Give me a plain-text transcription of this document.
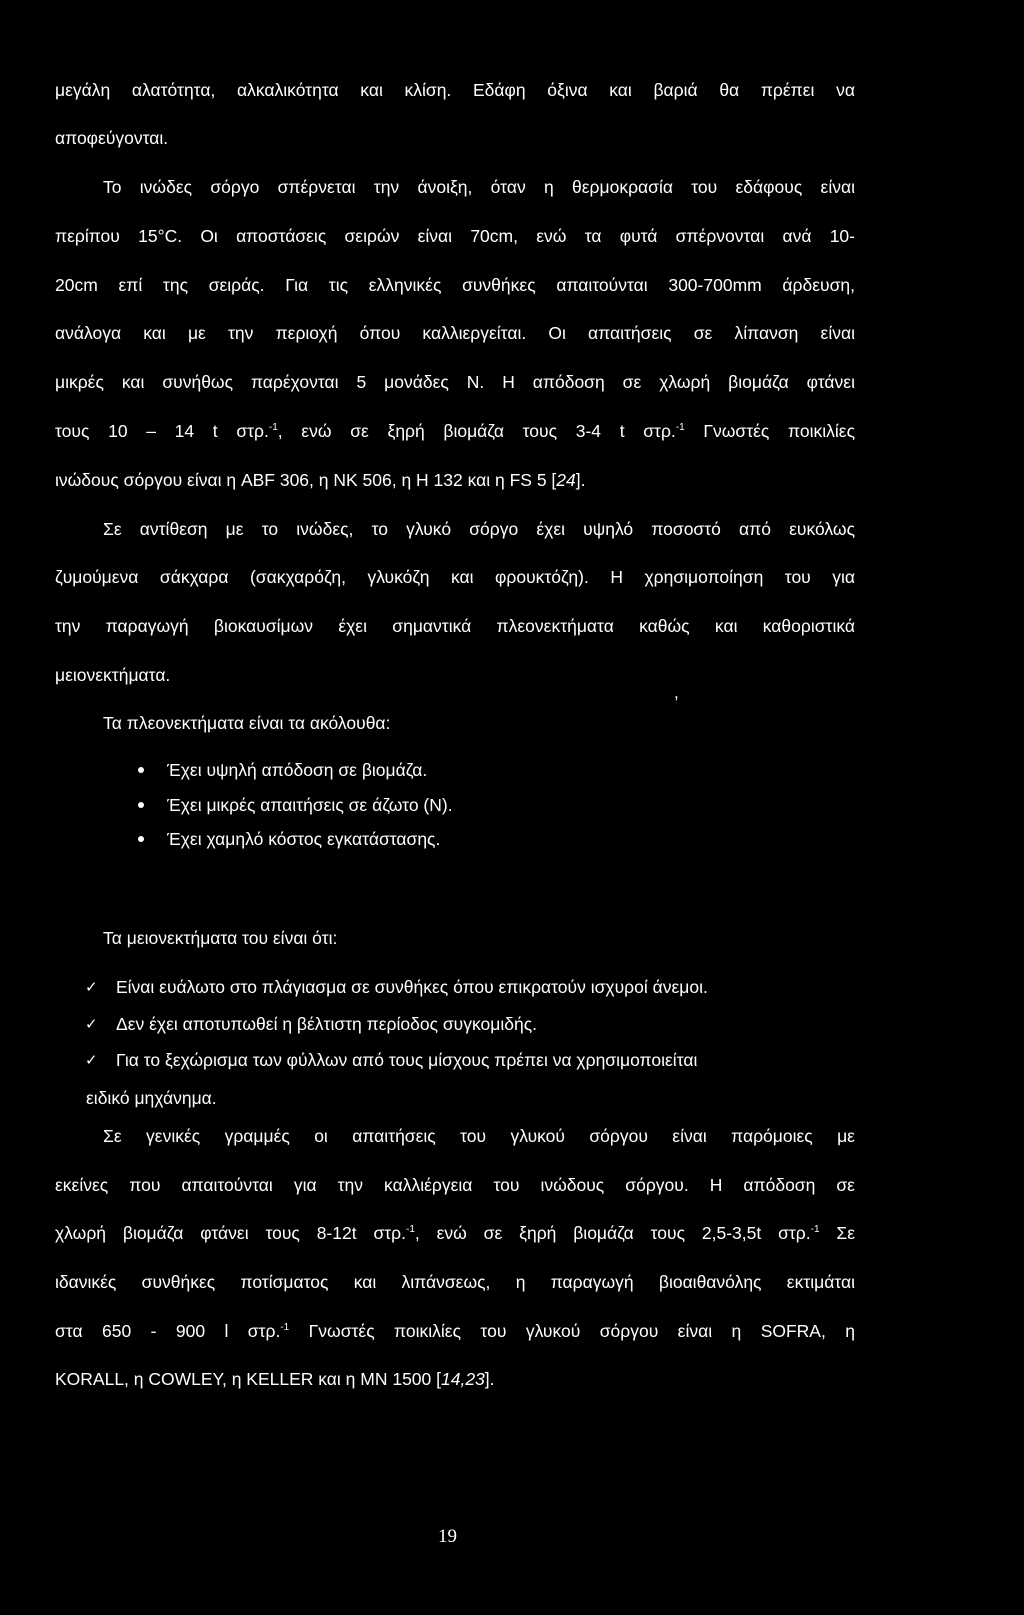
μεγάλη αλατότητα, αλκαλικότητα και κλίση. Εδάφη όξινα και βαριά θα πρέπει να
αποφεύγονται.
Το ινώδες σόργο σπέρνεται την άνοιξη, όταν η θερμοκρασία του εδάφους είναι
περίπου 15°C. Οι αποστάσεις σειρών είναι 70cm, ενώ τα φυτά σπέρνονται ανά 10-
20cm επί της σειράς. Για τις ελληνικές συνθήκες απαιτούνται 300-700mm άρδευση,
ανάλογα και με την περιοχή όπου καλλιεργείται. Οι απαιτήσεις σε λίπανση είναι
μικρές και συνήθως παρέχονται 5 μονάδες Ν. Η απόδοση σε χλωρή βιομάζα φτάνει
τους 10 – 14 t στρ.$^{-1}$, ενώ σε ξηρή βιομάζα τους 3-4 t στρ.$^{-1}$ Γνωστές ποικιλίες
ινώδους σόργου είναι η ABF 306, η ΝΚ 506, η Η 132 και η FS 5 [24].
Σε αντίθεση με το ινώδες, το γλυκό σόργο έχει υψηλό ποσοστό από ευκόλως
ζυμούμενα σάκχαρα (σακχαρόζη, γλυκόζη και φρουκτόζη). Η χρησιμοποίηση του για
την παραγωγή βιοκαυσίμων έχει σημαντικά πλεονεκτήματα καθώς και καθοριστικά
μειονεκτήματα.
,
Τα πλεονεκτήματα είναι τα ακόλουθα:
Έχει υψηλή απόδοση σε βιομάζα.
Έχει μικρές απαιτήσεις σε άζωτο (Ν).
Έχει χαμηλό κόστος εγκατάστασης.
Τα μειονεκτήματα του είναι ότι:
✓ Είναι ευάλωτο στο πλάγιασμα σε συνθήκες όπου επικρατούν ισχυροί άνεμοι.
✓ Δεν έχει αποτυπωθεί η βέλτιστη περίοδος συγκομιδής.
✓ Για το ξεχώρισμα των φύλλων από τους μίσχους πρέπει να χρησιμοποιείται
ειδικό μηχάνημα.
Σε γενικές γραμμές οι απαιτήσεις του γλυκού σόργου είναι παρόμοιες με
εκείνες που απαιτούνται για την καλλιέργεια του ινώδους σόργου. Η απόδοση σε
χλωρή βιομάζα φτάνει τους 8-12t στρ.$^{-1}$, ενώ σε ξηρή βιομάζα τους 2,5-3,5t στρ.$^{-1}$ Σε
ιδανικές συνθήκες ποτίσματος και λιπάνσεως, η παραγωγή βιοαιθανόλης εκτιμάται
στα 650 - 900 l στρ.$^{-1}$ Γνωστές ποικιλίες του γλυκού σόργου είναι η SOFRA, η
KORALL, η COWLEY, η KELLER και η ΜΝ 1500 [14,23].
19
